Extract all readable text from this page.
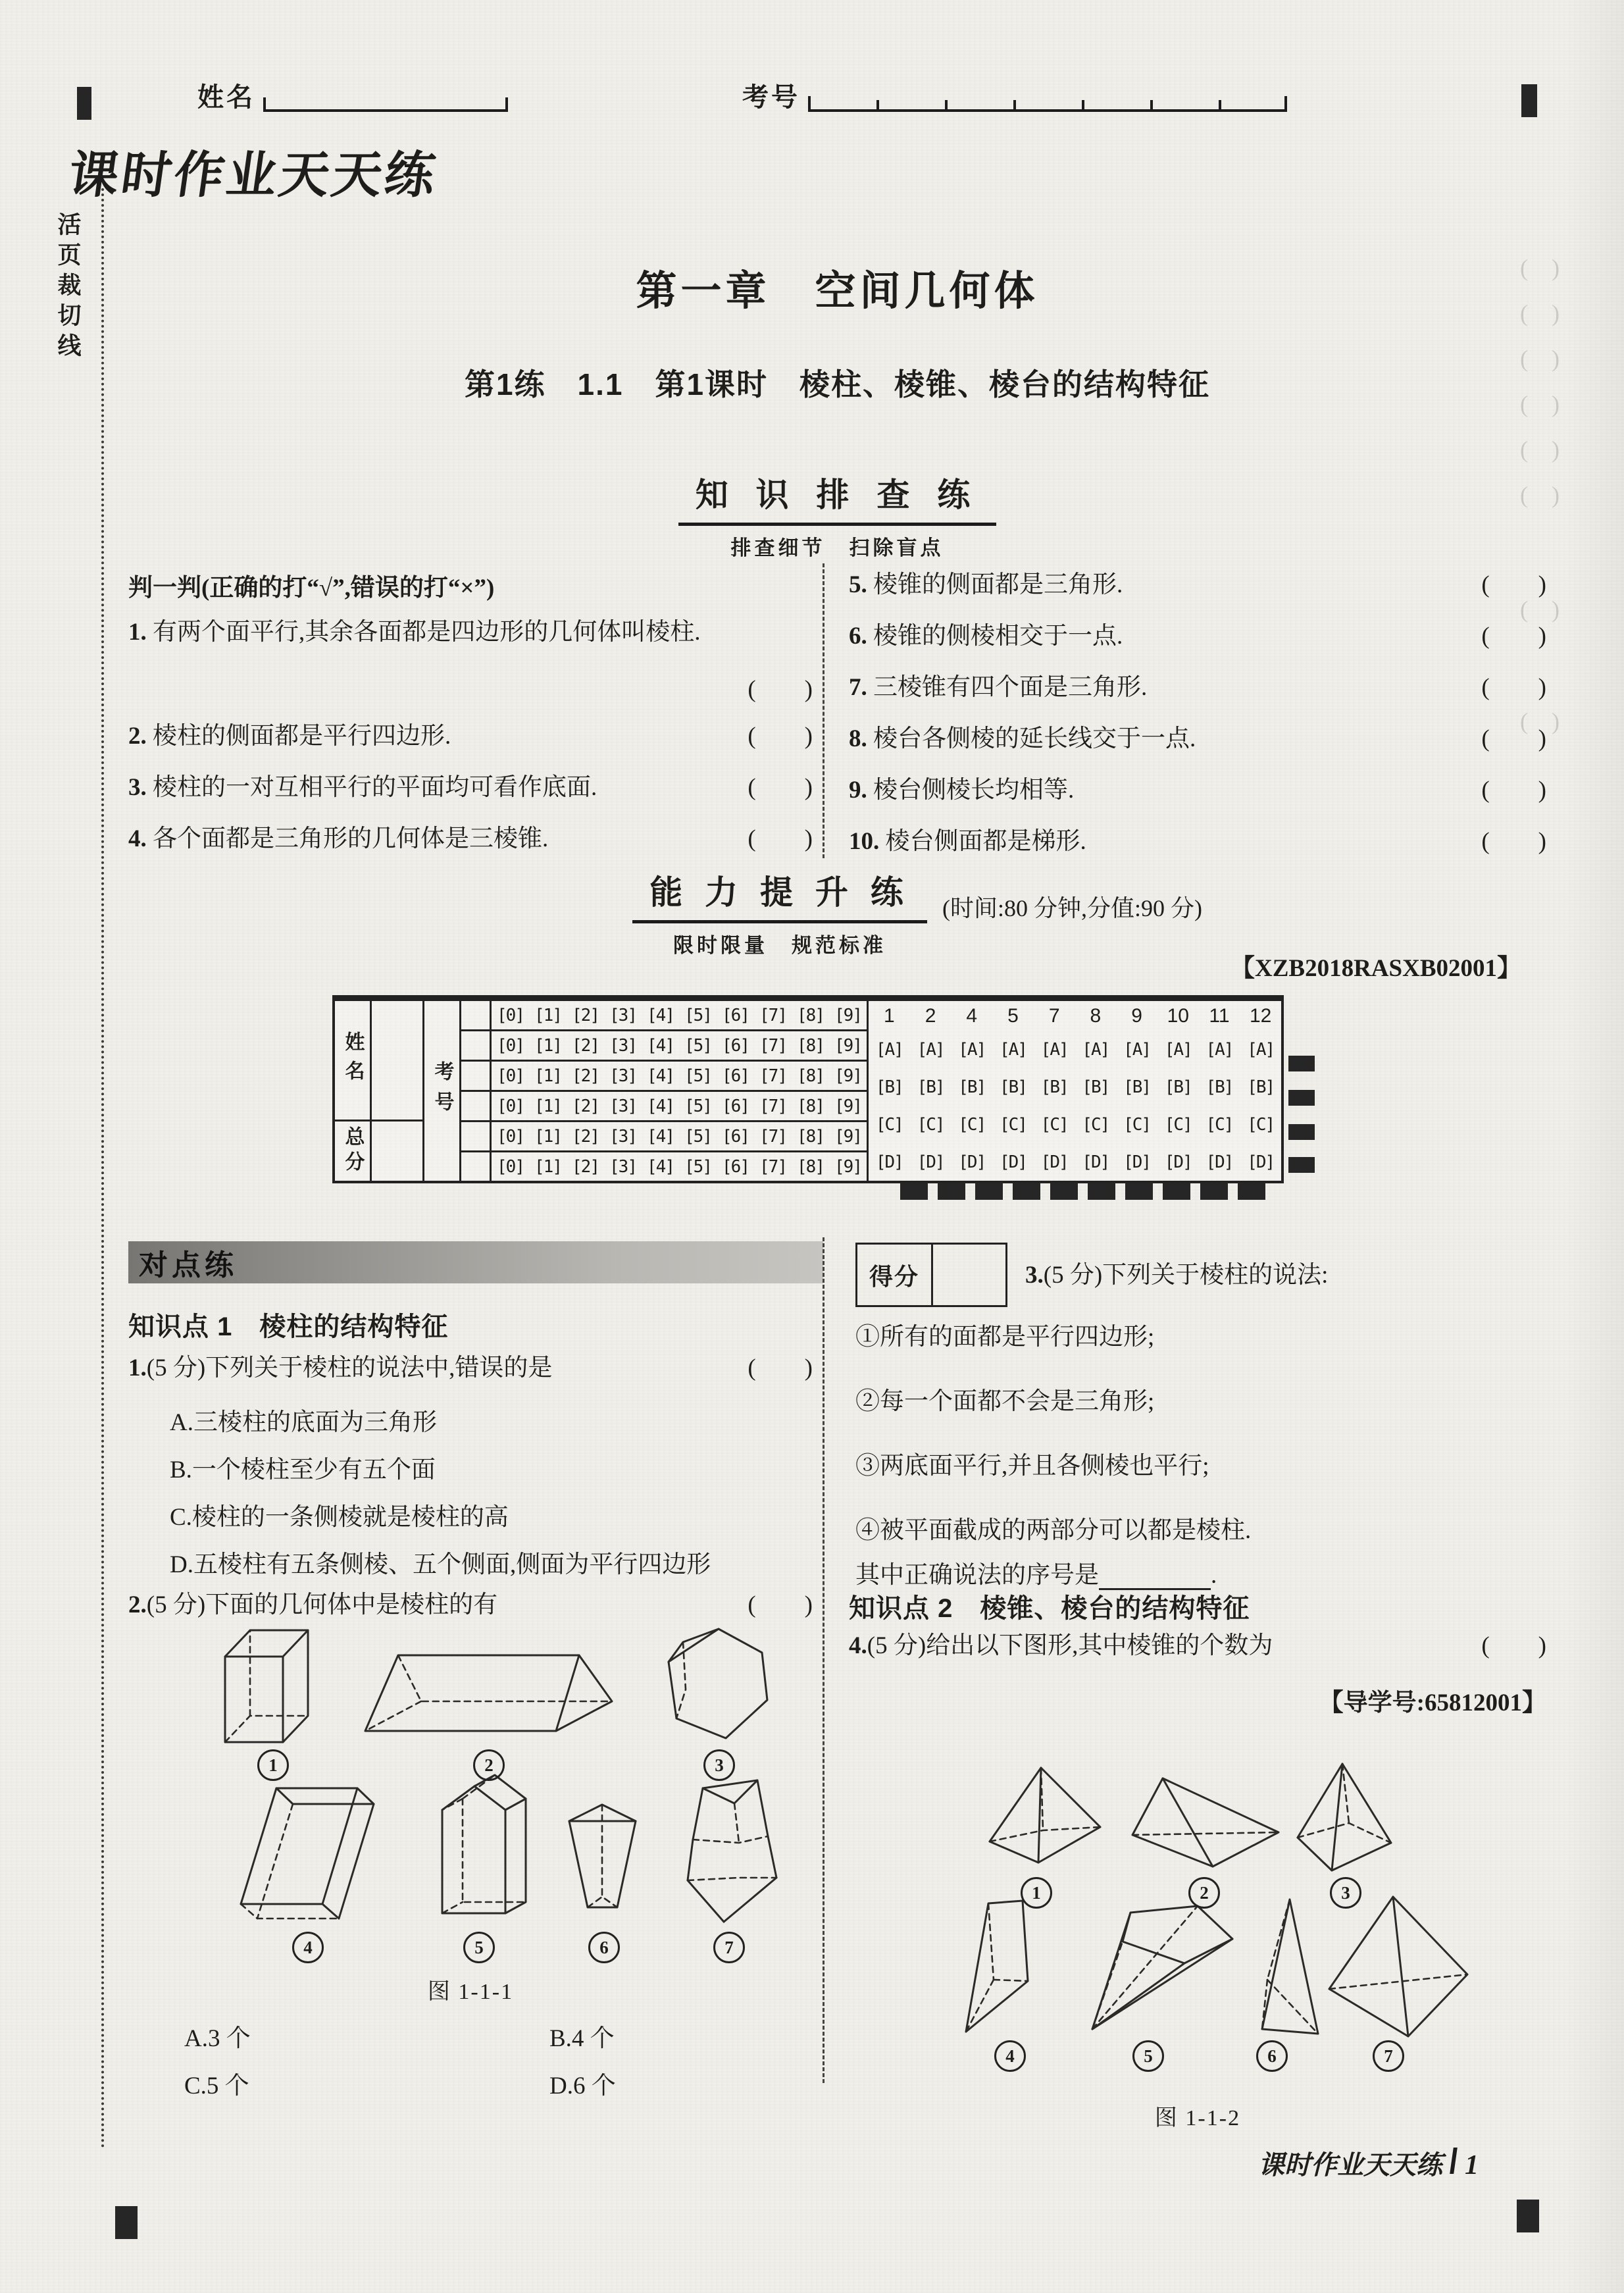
姓名	考号
课时作业天天练
活页裁切线	第一章　空间几何体
第1练　1.1　第1课时　棱柱、棱锥、棱台的结构特征
知 识 排 查 练
排查细节　扫除盲点
判一判(正确的打“√”,错误的打“×”)
1. 有两个面平行,其余各面都是四边形的几何体叫棱柱.
(　　)
2. 棱柱的侧面都是平行四边形.	(　　)
3. 棱柱的一对互相平行的平面均可看作底面.	(　　)
4. 各个面都是三角形的几何体是三棱锥.	(　　)
5. 棱锥的侧面都是三角形.	(　　)
6. 棱锥的侧棱相交于一点.	(　　)
7. 三棱锥有四个面是三角形.	(　　)
8. 棱台各侧棱的延长线交于一点.	(　　)
9. 棱台侧棱长均相等.	(　　)
10. 棱台侧面都是梯形.	(　　)
能 力 提 升 练
限时限量　规范标准
(时间:80 分钟,分值:90 分)
【XZB2018RASXB02001】
姓名
总分
考号
[0] [1] [2] [3] [4] [5] [6] [7] [8] [9]
[0] [1] [2] [3] [4] [5] [6] [7] [8] [9]
[0] [1] [2] [3] [4] [5] [6] [7] [8] [9]
[0] [1] [2] [3] [4] [5] [6] [7] [8] [9]
[0] [1] [2] [3] [4] [5] [6] [7] [8] [9]
[0] [1] [2] [3] [4] [5] [6] [7] [8] [9]
1	2	4	5	7	8	9	10	11	12
[A] [A] [A] [A] [A] [A] [A] [A] [A] [A]
[B] [B] [B] [B] [B] [B] [B] [B] [B] [B]
[C] [C] [C] [C] [C] [C] [C] [C] [C] [C]
[D] [D] [D] [D] [D] [D] [D] [D] [D] [D]
对点练
知识点 1　棱柱的结构特征
1.(5 分)下列关于棱柱的说法中,错误的是	(　　)
A.三棱柱的底面为三角形
B.一个棱柱至少有五个面
C.棱柱的一条侧棱就是棱柱的高
D.五棱柱有五条侧棱、五个侧面,侧面为平行四边形
2.(5 分)下面的几何体中是棱柱的有	(　　)
1	2	3
4	5	6	7
图 1-1-1
A.3 个	B.4 个
C.5 个	D.6 个
得分	3.(5 分)下列关于棱柱的说法:
①所有的面都是平行四边形;
②每一个面都不会是三角形;
③两底面平行,并且各侧棱也平行;
④被平面截成的两部分可以都是棱柱.
其中正确说法的序号是	.
知识点 2　棱锥、棱台的结构特征
4.(5 分)给出以下图形,其中棱锥的个数为	(　　)
【导学号:65812001】
1	2	3
4	5	6	7
图 1-1-2
课时作业天天练 1
(    )
(    )
(    )
(    )
(    )
(    )
(    )
(    )
